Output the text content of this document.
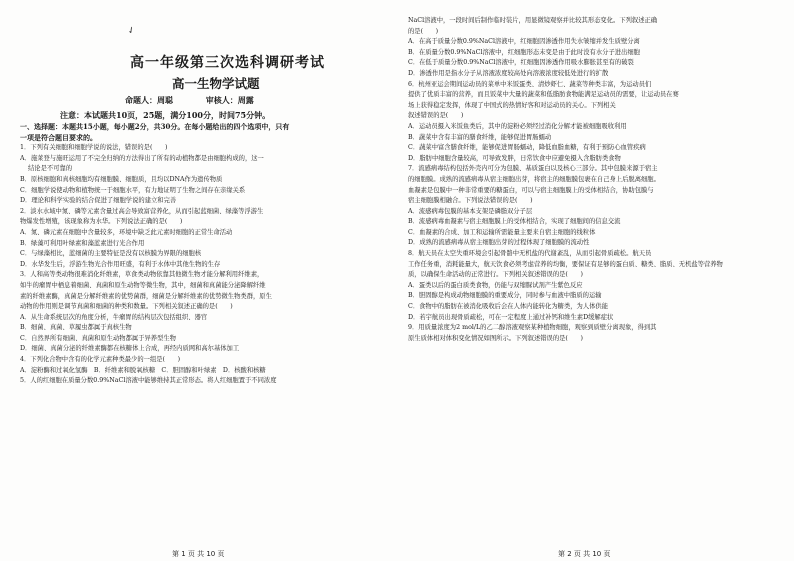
✓
高一年级第三次选科调研考试
高一生物学试题
命题人：周聪	审核人：周露
注意：本试题共10页，25题，满分100分，时间75分钟。
一、选择题：本题共15小题，每小题2分，共30分。在每小题给出的四个选项中，只有
一项是符合题目要求的。
1．下列有关细胞和细胞学说的说法，错误的是(　　)
A．施莱登与施旺运用了不完全归纳的方法得出了所有的动植物都是由细胞构成的，这一
结论是不可靠的
B．原核细胞和真核细胞均有细胞膜、细胞质，且均以DNA作为遗传物质
C．细胞学说使动物和植物统一于细胞水平，有力地证明了生物之间存在亲缘关系
D．理论和科学实验的结合促进了细胞学说的建立和完善
2．淡水水域中氮、磷等元素含量过高会导致富营养化，从而引起蓝细菌、绿藻等浮游生
物爆发性增殖，该现象称为水华。下列说法正确的是(　　)
A．氮、磷元素在细胞中含量较多，环境中缺乏此元素时细胞的正常生命活动
B．绿藻可利用叶绿素和藻蓝素进行光合作用
C．与绿藻相比，蓝细菌的主要特征是没有以核膜为界限的细胞核
D．水华发生后，浮游生物光合作用旺盛，有利于水体中其他生物的生存
3．人和高等类动物很难消化纤维素，草食类动物依靠其他微生物才能分解利用纤维素，
如牛的瘤胃中栖息着细菌、真菌和原生动物等微生物，其中，细菌和真菌能分泌降解纤维
素的纤维素酶，真菌是分解纤维素的优势菌群，细菌是分解纤维素的优势微生物类群，原生
动物的作用则是调节真菌和细菌的种类和数量。下列相关叙述正确的是(　　)
A．从生命系统层次的角度分析，牛瘤胃的结构层次包括组织、器官
B．细菌、真菌、草履虫都属于真核生物
C．自然界所有细菌、真菌和原生动物都属于异养型生物
D．细菌、真菌分泌的纤维素酶都在核糖体上合成，再经内质网和高尔基体加工
4．下列化合物中含有的化学元素种类最少的一组是(　　)
A．淀粉酶和过氧化氢酶　B．纤维素和脱氧核糖　C．胆固醇和叶绿素　D．核酸和核糖
5．人的红细胞在质量分数0.9%NaCl溶液中能够维持其正常形态。将人红细胞置于不同浓度
第 1 页 共 10 页
NaCl溶液中，一段时间后制作临时装片，用显微镜观察并比较其形态变化。下列叙述正确
的是(　　)
A．在高于质量分数0.9%NaCl溶液中，红细胞因渗透作用失水皱缩并发生质壁分离
B．在质量分数0.9%NaCl溶液中，红细胞形态未变是由于此时没有水分子进出细胞
C．在低于质量分数0.9%NaCl溶液中，红细胞因渗透作用吸水膨胀甚至有的破裂
D．渗透作用是指水分子从溶液浓度较高处向溶液浓度较低处进行的扩散
6．杭州亚运会期间运动员的菜单中米饭蛋类、清炒虾仁、蔬菜等种类丰富，为运动员们
提供了优质丰富的营养，而且饭菜中大量的蔬菜和低脂肪食物能满足运动员的需要，让运动员在赛
场上获得稳定发挥，体现了中国式的热情好客和对运动员的关心。下列相关
叙述错误的是(　　)
A．运动员摄入米饭鱼类后，其中的淀粉必须经过消化分解才能被细胞吸收利用
B．蔬菜中含有丰富的膳食纤维，能够促进胃肠蠕动
C．蔬菜中富含膳食纤维，能够促进胃肠蠕动，降低血脂血糖，有利于预防心血管疾病
D．脂肪中细胞含量较高，可导致发胖，日常饮食中应避免摄入含脂肪类食物
7．流感病毒结构包括外壳内可分为包膜、基质蛋白以及核心三部分。其中包膜来源于宿主
的细胞膜。成熟的流感病毒从宿主细胞出芽，将宿主的细胞膜包裹在自己身上后脱离细胞。
血凝素是包膜中一种非常重要的糖蛋白，可以与宿主细胞膜上的受体相结合，协助包膜与
宿主细胞膜相融合。下列说法错误的是(　　)
A．流感病毒包膜的基本支架是磷脂双分子层
B．流感病毒血凝素与宿主细胞膜上的受体相结合，实现了细胞间的信息交流
C．血凝素的合成、加工和运输所需能量主要来自宿主细胞的线粒体
D．成熟的流感病毒从宿主细胞出芽的过程体现了细胞膜的流动性
8．航天员在太空失重环境会引起骨骼中无机盐的代谢紊乱，从而引起骨质疏松。航天员
工作任务重，消耗能量大，航天饮食必须考虑营养的均衡，要保证有足够的蛋白质、糖类、脂质、无机盐等营养物
质，以确保生命活动的正常进行。下列相关叙述错误的是(　　)
A．蛋类以后的蛋白质类食物，仍能与双缩脲试剂产生紫色反应
B．胆固醇是构成动物细胞膜的重要成分，同时参与血液中脂质的运输
C．食物中的脂肪在被消化吸收后会在人体内能转化为糖类，为人体供能
D．若宇航员出现骨质疏松，可在一定程度上通过补钙和维生素D缓解症状
9．用质量浓度为2 mol/L的乙二醇溶液观察某种植物细胞，观察到质壁分离现象，得到其
原生质体相对体积变化情况如图所示。下列叙述错误的是(　　)
第 2 页 共 10 页
